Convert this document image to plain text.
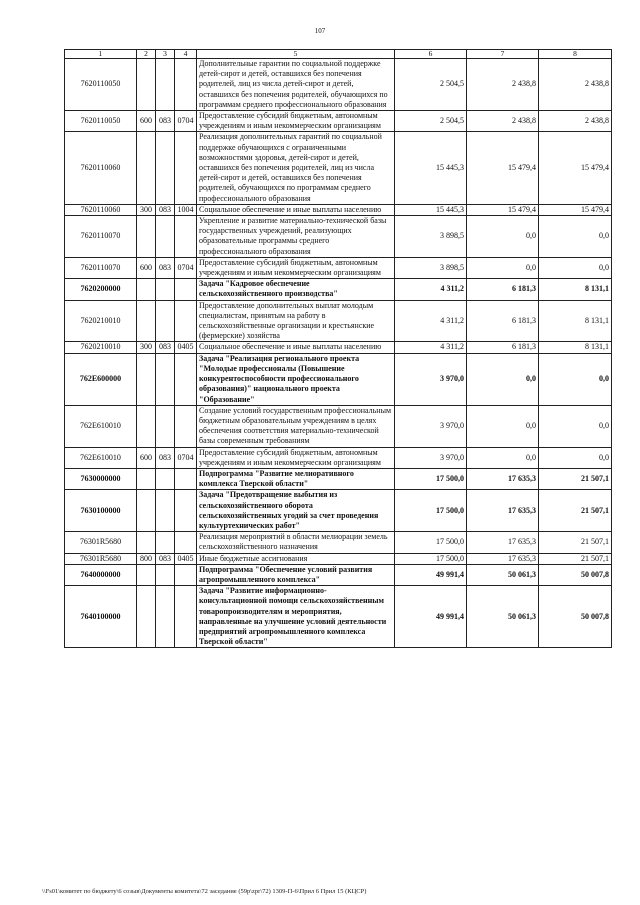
107
1	2	3	4	5	6	7	8
7620110050				Дополнительные гарантии по социальной поддержке детей-сирот и детей, оставшихся без попечения родителей, лиц из числа детей-сирот и детей, оставшихся без попечения родителей, обучающихся по программам среднего профессионального образования	2 504,5	2 438,8	2 438,8
7620110050	600	083	0704	Предоставление субсидий бюджетным, автономным учреждениям и иным некоммерческим организациям	2 504,5	2 438,8	2 438,8
7620110060				Реализация дополнительных гарантий по социальной поддержке обучающихся с ограниченными возможностями здоровья, детей-сирот и детей, оставшихся без попечения родителей, лиц из числа детей-сирот и детей, оставшихся без попечения родителей, обучающихся по программам среднего профессионального образования	15 445,3	15 479,4	15 479,4
7620110060	300	083	1004	Социальное обеспечение и иные выплаты населению	15 445,3	15 479,4	15 479,4
7620110070				Укрепление и развитие материально-технической базы государственных учреждений, реализующих образовательные программы среднего профессионального образования	3 898,5	0,0	0,0
7620110070	600	083	0704	Предоставление субсидий бюджетным, автономным учреждениям и иным некоммерческим организациям	3 898,5	0,0	0,0
7620200000				Задача "Кадровое обеспечение сельскохозяйственного производства"	4 311,2	6 181,3	8 131,1
7620210010				Предоставление дополнительных выплат молодым специалистам, принятым на работу в сельскохозяйственные организации и крестьянские (фермерские) хозяйства	4 311,2	6 181,3	8 131,1
7620210010	300	083	0405	Социальное обеспечение и иные выплаты населению	4 311,2	6 181,3	8 131,1
762E600000				Задача "Реализация регионального проекта "Молодые профессионалы (Повышение конкурентоспособности профессионального образования)" национального проекта "Образование"	3 970,0	0,0	0,0
762E610010				Создание условий государственным профессиональным бюджетным образовательным учреждениям в целях обеспечения соответствия материально-технической базы современным требованиям	3 970,0	0,0	0,0
762E610010	600	083	0704	Предоставление субсидий бюджетным, автономным учреждениям и иным некоммерческим организациям	3 970,0	0,0	0,0
7630000000				Подпрограмма "Развитие мелиоративного комплекса Тверской области"	17 500,0	17 635,3	21 507,1
7630100000				Задача "Предотвращение выбытия из сельскохозяйственного оборота сельскохозяйственных угодий за счет проведения культуртехнических работ"	17 500,0	17 635,3	21 507,1
76301R5680				Реализация мероприятий в области мелиорации земель сельскохозяйственного назначения	17 500,0	17 635,3	21 507,1
76301R5680	800	083	0405	Иные бюджетные ассигнования	17 500,0	17 635,3	21 507,1
7640000000				Подпрограмма "Обеспечение условий развития агропромышленного комплекса"	49 991,4	50 061,3	50 007,8
7640100000				Задача "Развитие информационно-консультационной помощи сельскохозяйственным товаропроизводителям и мероприятия, направленные на улучшение условий деятельности предприятий агропромышленного комплекса Тверской области"	49 991,4	50 061,3	50 007,8
\\Fs01\комитет по бюджету\6 созыв\Документы комитета\72 заседание (59р\zpr\72) 1309-П-6\Прил 6 Прил 15 (КЦСР)
